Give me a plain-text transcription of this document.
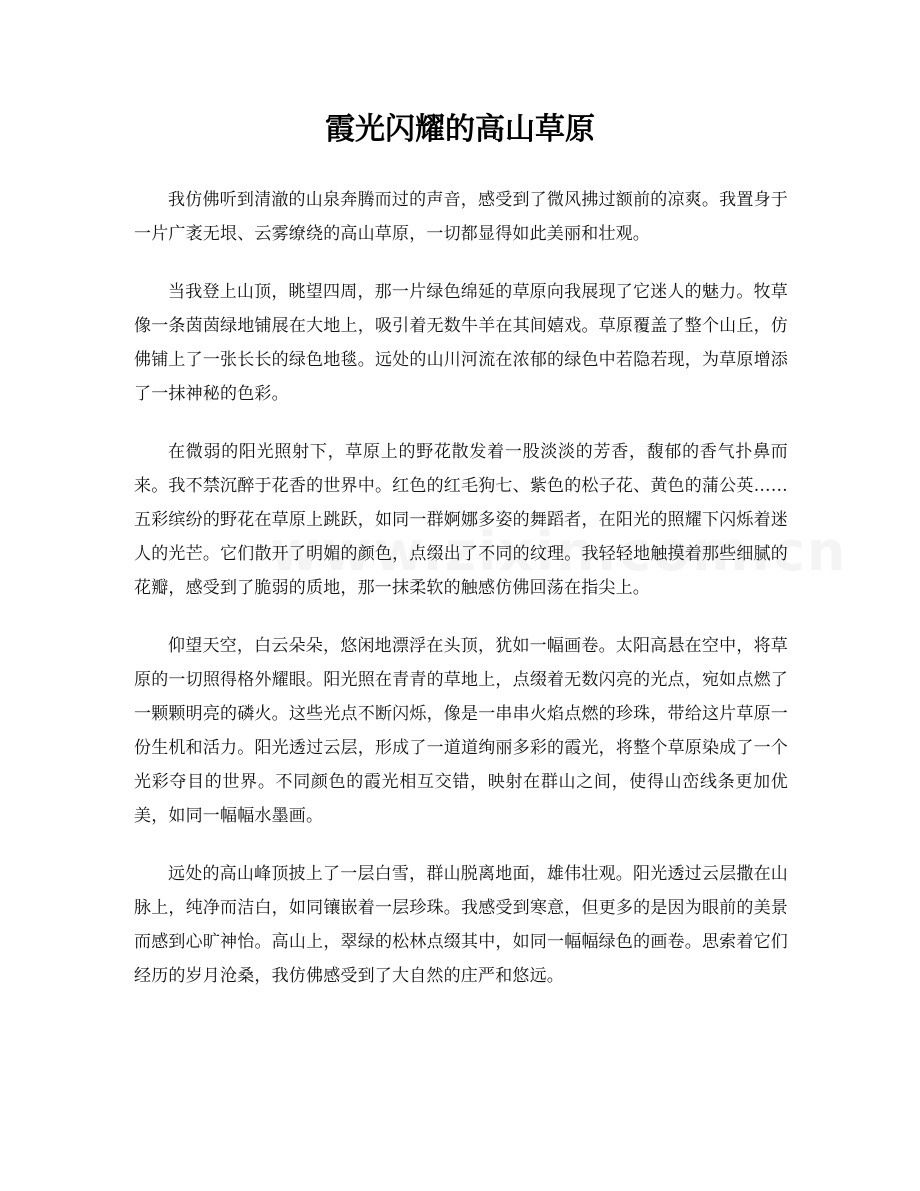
霞光闪耀的高山草原

我仿佛听到清澈的山泉奔腾而过的声音，感受到了微风拂过额前的凉爽。我置身于一片广袤无垠、云雾缭绕的高山草原，一切都显得如此美丽和壮观。

当我登上山顶，眺望四周，那一片绿色绵延的草原向我展现了它迷人的魅力。牧草像一条茵茵绿地铺展在大地上，吸引着无数牛羊在其间嬉戏。草原覆盖了整个山丘，仿佛铺上了一张长长的绿色地毯。远处的山川河流在浓郁的绿色中若隐若现，为草原增添了一抹神秘的色彩。

在微弱的阳光照射下，草原上的野花散发着一股淡淡的芳香，馥郁的香气扑鼻而来。我不禁沉醉于花香的世界中。红色的红毛狗七、紫色的松子花、黄色的蒲公英……五彩缤纷的野花在草原上跳跃，如同一群婀娜多姿的舞蹈者，在阳光的照耀下闪烁着迷人的光芒。它们散开了明媚的颜色，点缀出了不同的纹理。我轻轻地触摸着那些细腻的花瓣，感受到了脆弱的质地，那一抹柔软的触感仿佛回荡在指尖上。

仰望天空，白云朵朵，悠闲地漂浮在头顶，犹如一幅画卷。太阳高悬在空中，将草原的一切照得格外耀眼。阳光照在青青的草地上，点缀着无数闪亮的光点，宛如点燃了一颗颗明亮的磷火。这些光点不断闪烁，像是一串串火焰点燃的珍珠，带给这片草原一份生机和活力。阳光透过云层，形成了一道道绚丽多彩的霞光，将整个草原染成了一个光彩夺目的世界。不同颜色的霞光相互交错，映射在群山之间，使得山峦线条更加优美，如同一幅幅水墨画。

远处的高山峰顶披上了一层白雪，群山脱离地面，雄伟壮观。阳光透过云层撒在山脉上，纯净而洁白，如同镶嵌着一层珍珠。我感受到寒意，但更多的是因为眼前的美景而感到心旷神怡。高山上，翠绿的松林点缀其中，如同一幅幅绿色的画卷。思索着它们经历的岁月沧桑，我仿佛感受到了大自然的庄严和悠远。
